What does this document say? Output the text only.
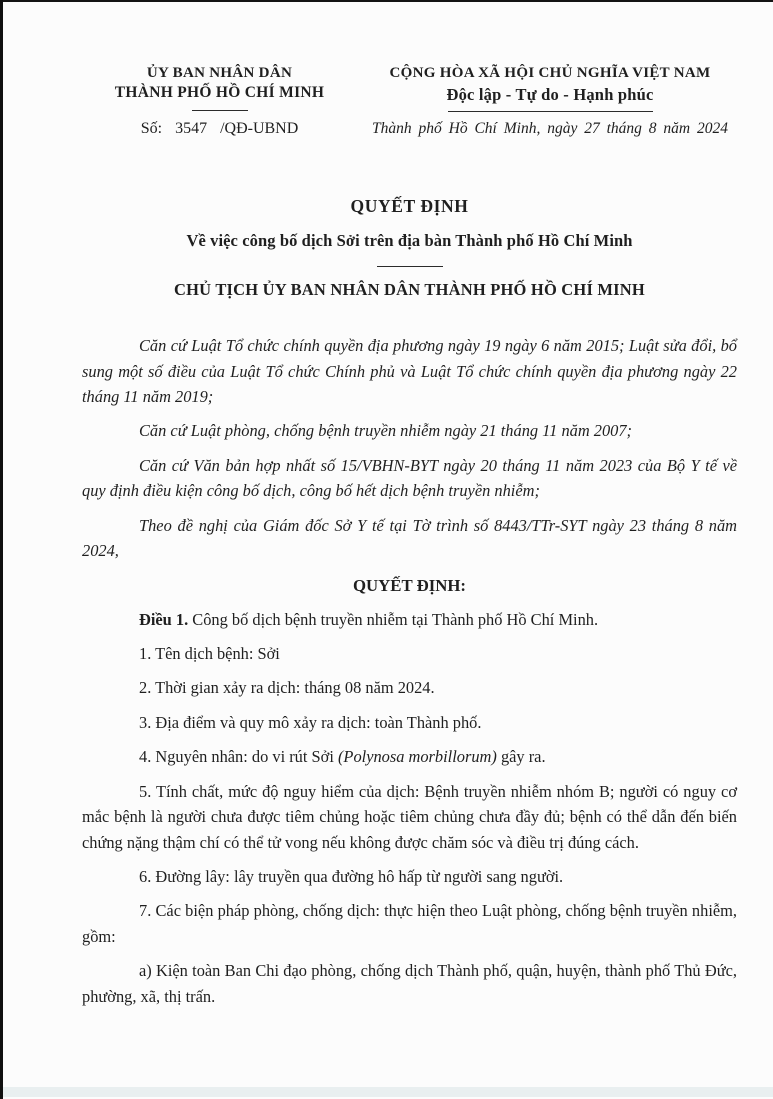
ỦY BAN NHÂN DÂN
THÀNH PHỐ HỒ CHÍ MINH
Số: 3547 /QĐ-UBND
CỘNG HÒA XÃ HỘI CHỦ NGHĨA VIỆT NAM
Độc lập - Tự do - Hạnh phúc
Thành phố Hồ Chí Minh, ngày 27 tháng 8 năm 2024
QUYẾT ĐỊNH
Về việc công bố dịch Sởi trên địa bàn Thành phố Hồ Chí Minh
CHỦ TỊCH ỦY BAN NHÂN DÂN THÀNH PHỐ HỒ CHÍ MINH

Căn cứ Luật Tổ chức chính quyền địa phương ngày 19 ngày 6 năm 2015; Luật sửa đổi, bổ sung một số điều của Luật Tổ chức Chính phủ và Luật Tổ chức chính quyền địa phương ngày 22 tháng 11 năm 2019;

Căn cứ Luật phòng, chống bệnh truyền nhiễm ngày 21 tháng 11 năm 2007;

Căn cứ Văn bản hợp nhất số 15/VBHN-BYT ngày 20 tháng 11 năm 2023 của Bộ Y tế về quy định điều kiện công bố dịch, công bố hết dịch bệnh truyền nhiễm;

Theo đề nghị của Giám đốc Sở Y tế tại Tờ trình số 8443/TTr-SYT ngày 23 tháng 8 năm 2024,

QUYẾT ĐỊNH:

Điều 1. Công bố dịch bệnh truyền nhiễm tại Thành phố Hồ Chí Minh.

1. Tên dịch bệnh: Sởi

2. Thời gian xảy ra dịch: tháng 08 năm 2024.

3. Địa điểm và quy mô xảy ra dịch: toàn Thành phố.

4. Nguyên nhân: do vi rút Sởi (Polynosa morbillorum) gây ra.

5. Tính chất, mức độ nguy hiểm của dịch: Bệnh truyền nhiễm nhóm B; người có nguy cơ mắc bệnh là người chưa được tiêm chủng hoặc tiêm chủng chưa đầy đủ; bệnh có thể dẫn đến biến chứng nặng thậm chí có thể tử vong nếu không được chăm sóc và điều trị đúng cách.

6. Đường lây: lây truyền qua đường hô hấp từ người sang người.

7. Các biện pháp phòng, chống dịch: thực hiện theo Luật phòng, chống bệnh truyền nhiễm, gồm:

a) Kiện toàn Ban Chi đạo phòng, chống dịch Thành phố, quận, huyện, thành phố Thủ Đức, phường, xã, thị trấn.
